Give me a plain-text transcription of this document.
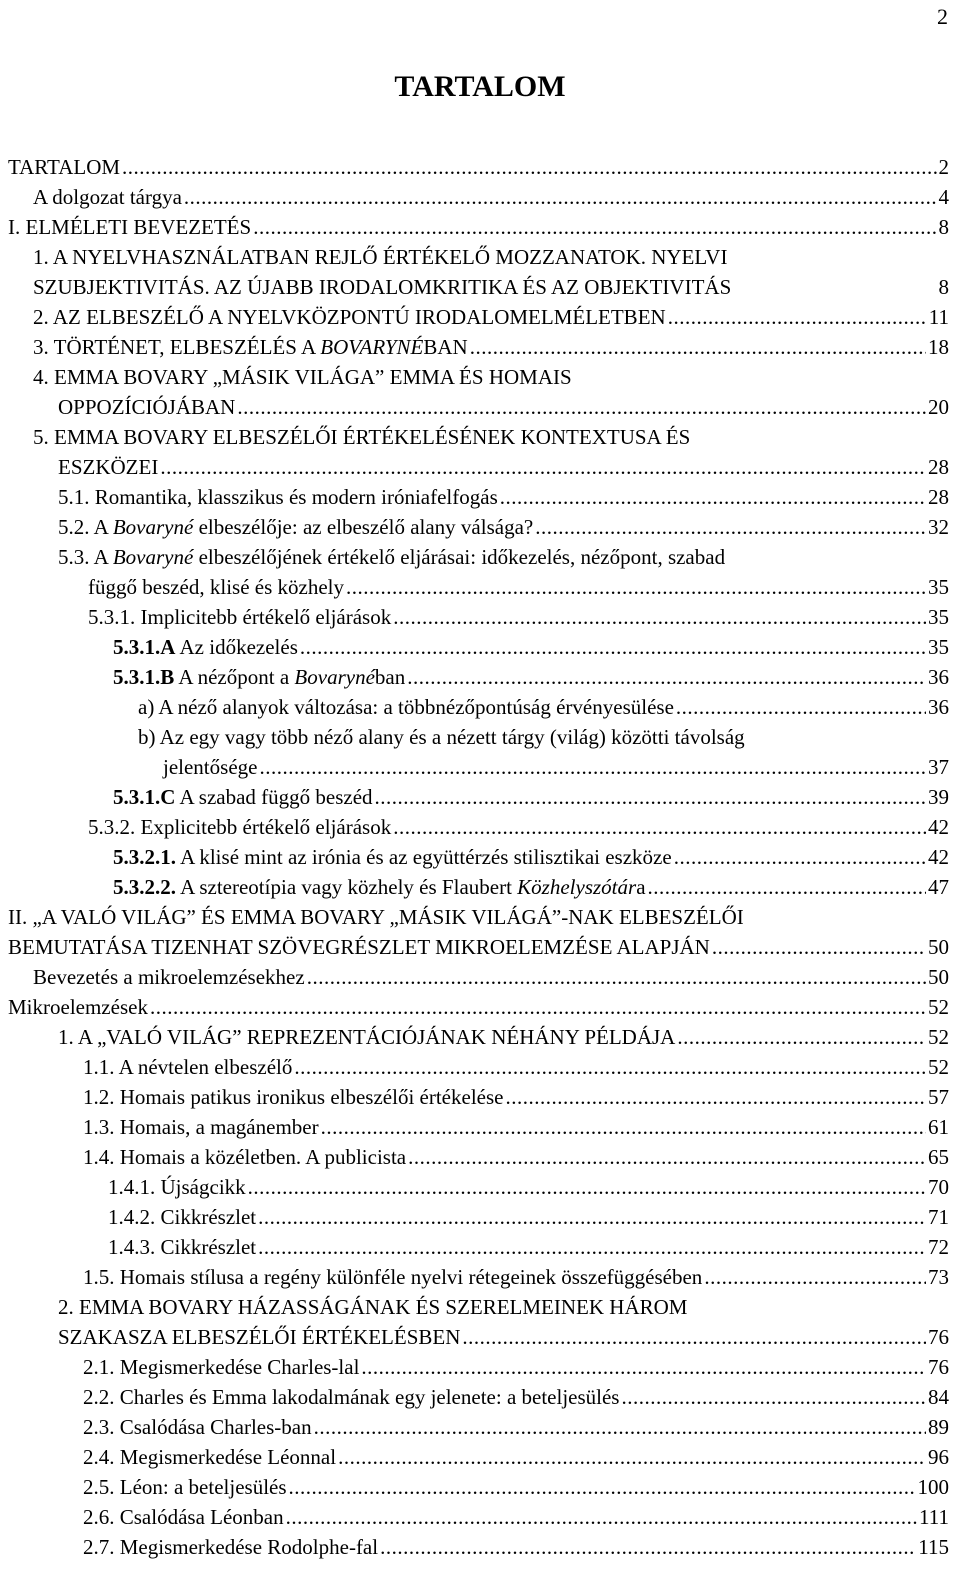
2
TARTALOM
TARTALOM .....	2
A dolgozat tárgya .....	4
I. ELMÉLETI BEVEZETÉS .....	8
1. A NYELVHASZNÁLATBAN REJLŐ ÉRTÉKELŐ MOZZANATOK. NYELVI
SZUBJEKTIVITÁS. AZ ÚJABB IRODALOMKRITIKA ÉS AZ OBJEKTIVITÁS	8
2. AZ ELBESZÉLŐ A NYELVKÖZPONTÚ IRODALOMELMÉLETBEN .....	11
3. TÖRTÉNET, ELBESZÉLÉS A BOVARYNÉBAN .....	18
4. EMMA BOVARY „MÁSIK VILÁGA” EMMA ÉS HOMAIS
OPPOZÍCIÓJÁBAN .....	20
5. EMMA BOVARY ELBESZÉLŐI ÉRTÉKELÉSÉNEK KONTEXTUSA ÉS
ESZKÖZEI .....	28
5.1. Romantika, klasszikus és modern iróniafelfogás .....	28
5.2. A Bovaryné elbeszélője: az elbeszélő alany válsága? .....	32
5.3. A Bovaryné elbeszélőjének értékelő eljárásai: időkezelés, nézőpont, szabad
függő beszéd, klisé és közhely .....	35
5.3.1. Implicitebb értékelő eljárások .....	35
5.3.1.A Az időkezelés .....	35
5.3.1.B A nézőpont a Bovarynéban .....	36
a) A néző alanyok változása: a többnézőpontúság érvényesülése .....	36
b) Az egy vagy több néző alany és a nézett tárgy (világ) közötti távolság
jelentősége .....	37
5.3.1.C A szabad függő beszéd .....	39
5.3.2. Explicitebb értékelő eljárások .....	42
5.3.2.1. A klisé mint az irónia és az együttérzés stilisztikai eszköze .....	42
5.3.2.2. A sztereotípia vagy közhely és Flaubert Közhelyszótára .....	47
II. „A VALÓ VILÁG” ÉS EMMA BOVARY „MÁSIK VILÁGÁ”-NAK ELBESZÉLŐI
BEMUTATÁSA TIZENHAT SZÖVEGRÉSZLET MIKROELEMZÉSE ALAPJÁN .....	50
Bevezetés a mikroelemzésekhez .....	50
Mikroelemzések .....	52
1. A „VALÓ VILÁG” REPREZENTÁCIÓJÁNAK NÉHÁNY PÉLDÁJA .....	52
1.1. A névtelen elbeszélő .....	52
1.2. Homais patikus ironikus elbeszélői értékelése .....	57
1.3. Homais, a magánember .....	61
1.4. Homais a közéletben. A publicista .....	65
1.4.1. Újságcikk .....	70
1.4.2. Cikkrészlet .....	71
1.4.3. Cikkrészlet .....	72
1.5. Homais stílusa a regény különféle nyelvi rétegeinek összefüggésében .....	73
2. EMMA BOVARY HÁZASSÁGÁNAK ÉS SZERELMEINEK HÁROM
SZAKASZA ELBESZÉLŐI ÉRTÉKELÉSBEN .....	76
2.1. Megismerkedése Charles-lal .....	76
2.2. Charles és Emma lakodalmának egy jelenete: a beteljesülés .....	84
2.3. Csalódása Charles-ban .....	89
2.4. Megismerkedése Léonnal .....	96
2.5. Léon: a beteljesülés .....	100
2.6. Csalódása Léonban .....	111
2.7. Megismerkedése Rodolphe-fal .....	115
